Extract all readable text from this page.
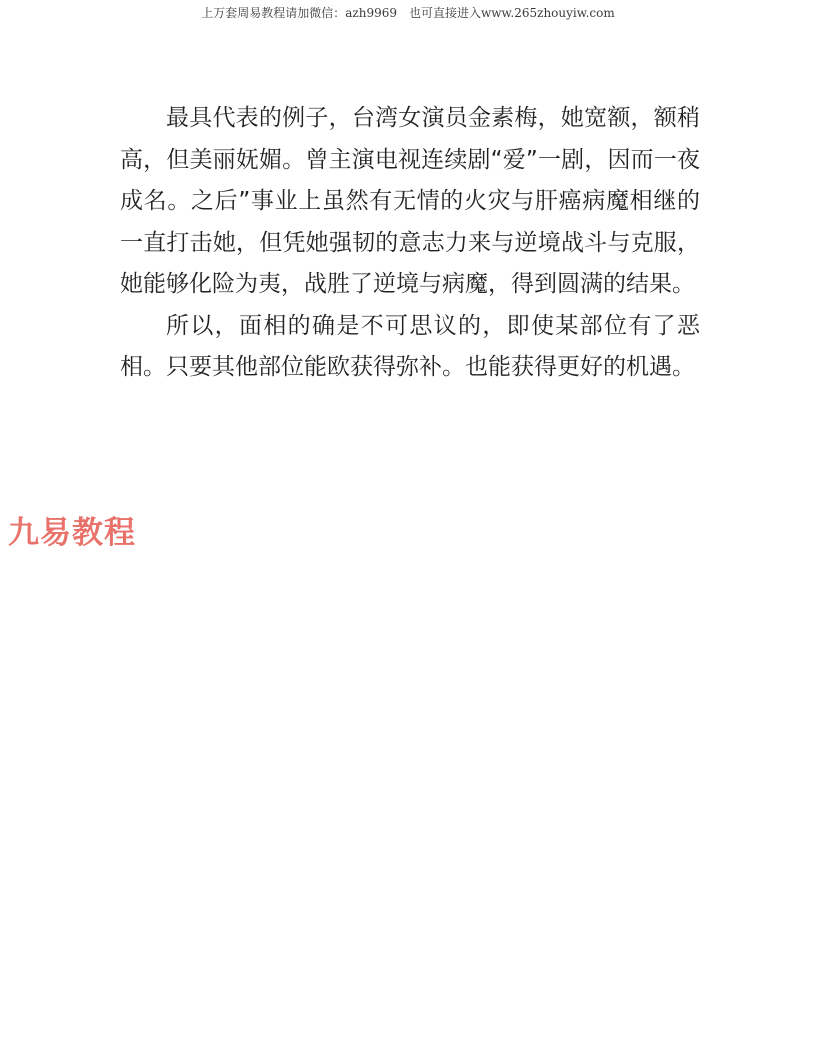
上万套周易教程请加微信：azh9969　也可直接进入www.265zhouyiw.com

最具代表的例子，台湾女演员金素梅，她宽额，额稍高，但美丽妩媚。曾主演电视连续剧“爱”一剧，因而一夜成名。之后”事业上虽然有无情的火灾与肝癌病魔相继的一直打击她，但凭她强韧的意志力来与逆境战斗与克服，她能够化险为夷，战胜了逆境与病魔，得到圆满的结果。

所以，面相的确是不可思议的，即使某部位有了恶相。只要其他部位能欧获得弥补。也能获得更好的机遇。

九易教程
